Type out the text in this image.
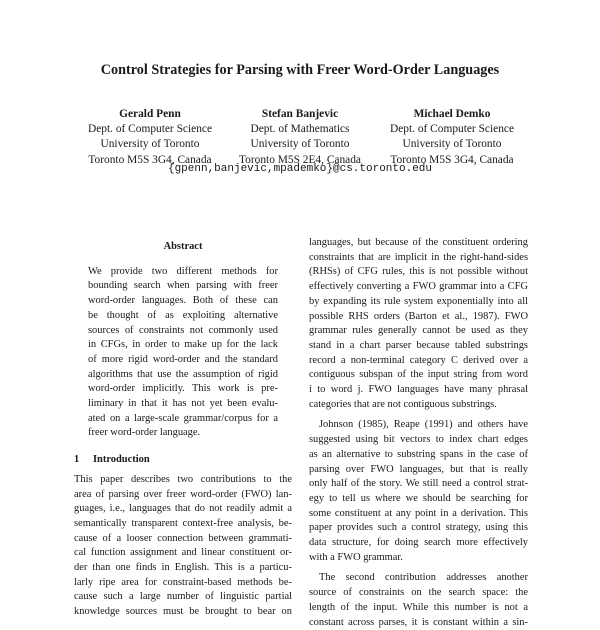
Control Strategies for Parsing with Freer Word-Order Languages
Gerald Penn
Dept. of Computer Science
University of Toronto
Toronto M5S 3G4, Canada
Stefan Banjevic
Dept. of Mathematics
University of Toronto
Toronto M5S 2E4, Canada
Michael Demko
Dept. of Computer Science
University of Toronto
Toronto M5S 3G4, Canada
{gpenn,banjevic,mpademko}@cs.toronto.edu
Abstract
We provide two different methods for
bounding search when parsing with freer
word-order languages. Both of these can
be thought of as exploiting alternative
sources of constraints not commonly used
in CFGs, in order to make up for the lack
of more rigid word-order and the standard
algorithms that use the assumption of rigid
word-order implicitly. This work is pre-
liminary in that it has not yet been evalu-
ated on a large-scale grammar/corpus for a
freer word-order language.
1 Introduction
This paper describes two contributions to the
area of parsing over freer word-order (FWO) lan-
guages, i.e., languages that do not readily admit a
semantically transparent context-free analysis, be-
cause of a looser connection between grammati-
cal function assignment and linear constituent or-
der than one finds in English. This is a particu-
larly ripe area for constraint-based methods be-
cause such a large number of linguistic partial
knowledge sources must be brought to bear on
languages, but because of the constituent ordering
constraints that are implicit in the right-hand-sides
(RHSs) of CFG rules, this is not possible without
effectively converting a FWO grammar into a CFG
by expanding its rule system exponentially into all
possible RHS orders (Barton et al., 1987). FWO
grammar rules generally cannot be used as they
stand in a chart parser because tabled substrings
record a non-terminal category C derived over a
contiguous subspan of the input string from word
i to word j. FWO languages have many phrasal
categories that are not contiguous substrings.
Johnson (1985), Reape (1991) and others have
suggested using bit vectors to index chart edges
as an alternative to substring spans in the case of
parsing over FWO languages, but that is really
only half of the story. We still need a control strat-
egy to tell us where we should be searching for
some constituent at any point in a derivation. This
paper provides such a control strategy, using this
data structure, for doing search more effectively
with a FWO grammar.
The second contribution addresses another
source of constraints on the search space: the
length of the input. While this number is not a
constant across parses, it is constant within a sin-
